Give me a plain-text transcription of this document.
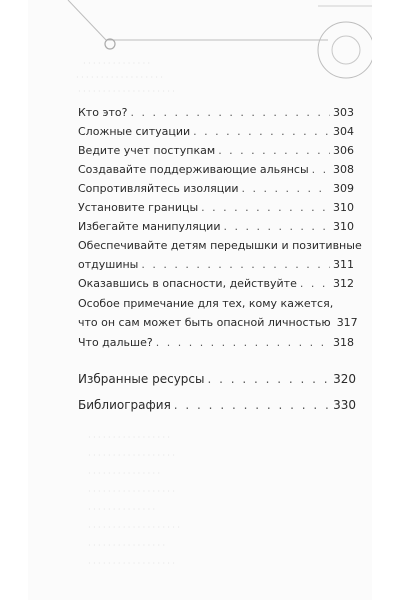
· · · · · · · · · · · · · ·
· · · · · · · · · · · · · · · · · ·
· · · · · · · · · · · · · · · · · · · ·
· · · · · · · · · · · · · · · · ·
· · · · · · · · · · · · · · · · · ·
· · · · · · · · · · · · · · ·
· · · · · · · · · · · · · · · · · ·
· · · · · · · · · · · · · ·
· · · · · · · · · · · · · · · · · · ·
· · · · · · · · · · · · · · · ·
· · · · · · · · · · · · · · · · · ·
Кто это? . . .	303
Сложные ситуации . . .	304
Ведите учет поступкам . . .	306
Создавайте поддерживающие альянсы . . . 308
Сопротивляйтесь изоляции . . .	309
Установите границы . . .	310
Избегайте манипуляции . . .	310
Обеспечивайте детям передышки и позитивные
отдушины . . .	311
Оказавшись в опасности, действуйте . . .	312
Особое примечание для тех, кому кажется,
что он сам может быть опасной личностью 317
Что дальше? . . .	318
Избранные ресурсы . . .	320
Библиография . . .	330
